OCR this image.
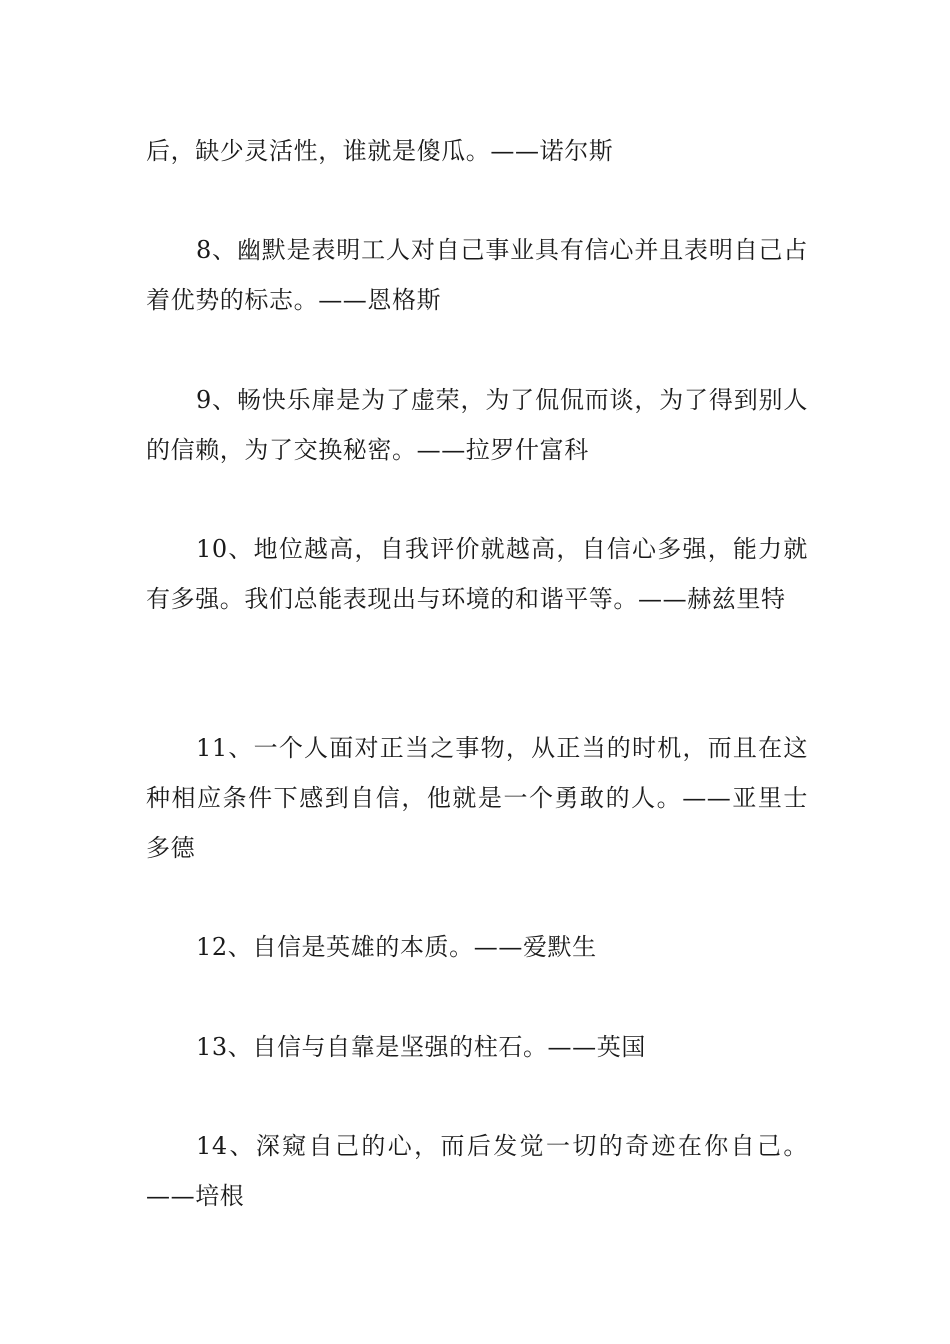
后，缺少灵活性，谁就是傻瓜。——诺尔斯

8、幽默是表明工人对自己事业具有信心并且表明自己占着优势的标志。——恩格斯

9、畅快乐扉是为了虚荣，为了侃侃而谈，为了得到别人的信赖，为了交换秘密。——拉罗什富科

10、地位越高，自我评价就越高，自信心多强，能力就有多强。我们总能表现出与环境的和谐平等。——赫兹里特

11、一个人面对正当之事物，从正当的时机，而且在这种相应条件下感到自信，他就是一个勇敢的人。——亚里士多德

12、自信是英雄的本质。——爱默生

13、自信与自靠是坚强的柱石。——英国

14、深窥自己的心，而后发觉一切的奇迹在你自己。——培根
